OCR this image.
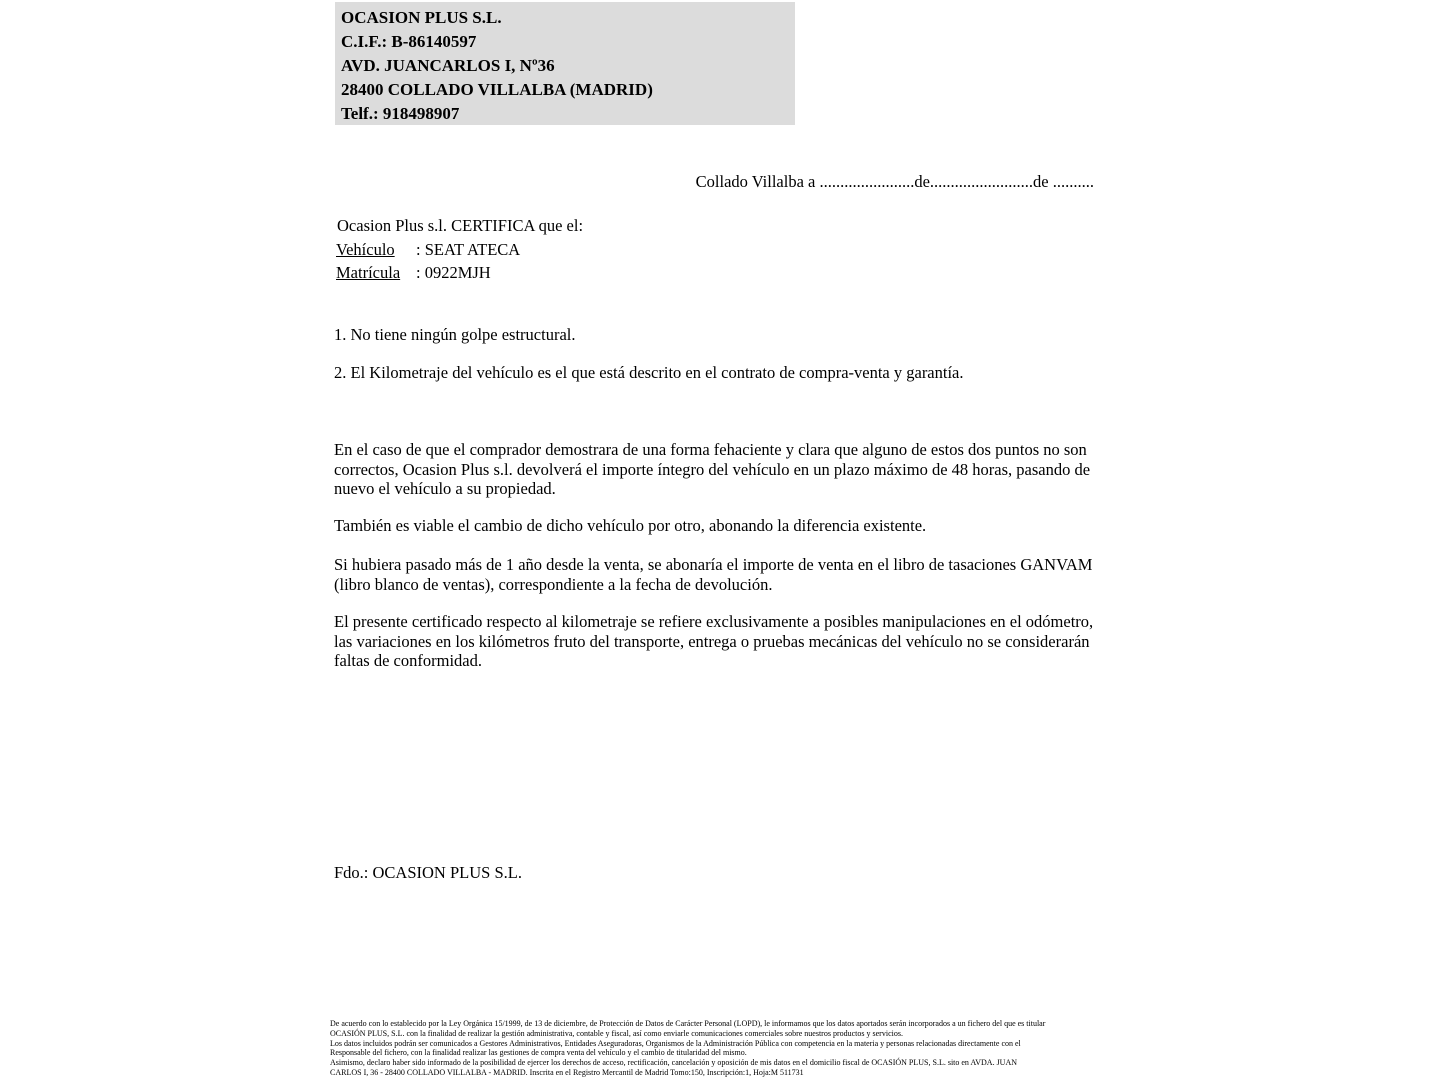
OCASION PLUS S.L.
C.I.F.: B-86140597
AVD. JUANCARLOS I, Nº36
28400 COLLADO VILLALBA (MADRID)
Telf.: 918498907
Collado Villalba a .......................de.........................de ..........
Ocasion Plus s.l. CERTIFICA que el:
Vehículo : SEAT ATECA
Matrícula : 0922MJH
1. No tiene ningún golpe estructural.
2. El Kilometraje del vehículo es el que está descrito en el contrato de compra-venta y garantía.

En el caso de que el comprador demostrara de una forma fehaciente y clara que alguno de estos dos puntos no son correctos, Ocasion Plus s.l. devolverá el importe íntegro del vehículo en un plazo máximo de 48 horas, pasando de nuevo el vehículo a su propiedad.

También es viable el cambio de dicho vehículo por otro, abonando la diferencia existente.

Si hubiera pasado más de 1 año desde la venta, se abonaría el importe de venta en el libro de tasaciones GANVAM (libro blanco de ventas), correspondiente a la fecha de devolución.

El presente certificado respecto al kilometraje se refiere exclusivamente a posibles manipulaciones en el odómetro, las variaciones en los kilómetros fruto del transporte, entrega o pruebas mecánicas del vehículo no se considerarán faltas de conformidad.

Fdo.: OCASION PLUS S.L.
De acuerdo con lo establecido por la Ley Orgánica 15/1999, de 13 de diciembre, de Protección de Datos de Carácter Personal (LOPD), le informamos que los datos aportados serán incorporados a un fichero del que es titular
OCASIÓN PLUS, S.L. con la finalidad de realizar la gestión administrativa, contable y fiscal, así como enviarle comunicaciones comerciales sobre nuestros productos y servicios.
Los datos incluidos podrán ser comunicados a Gestores Administrativos, Entidades Aseguradoras, Organismos de la Administración Pública con competencia en la materia y personas relacionadas directamente con el
Responsable del fichero, con la finalidad realizar las gestiones de compra venta del vehículo y el cambio de titularidad del mismo.
Asimismo, declaro haber sido informado de la posibilidad de ejercer los derechos de acceso, rectificación, cancelación y oposición de mis datos en el domicilio fiscal de OCASIÓN PLUS, S.L. sito en AVDA. JUAN
CARLOS I, 36 - 28400 COLLADO VILLALBA - MADRID. Inscrita en el Registro Mercantil de Madrid Tomo:150, Inscripción:1, Hoja:M 511731
